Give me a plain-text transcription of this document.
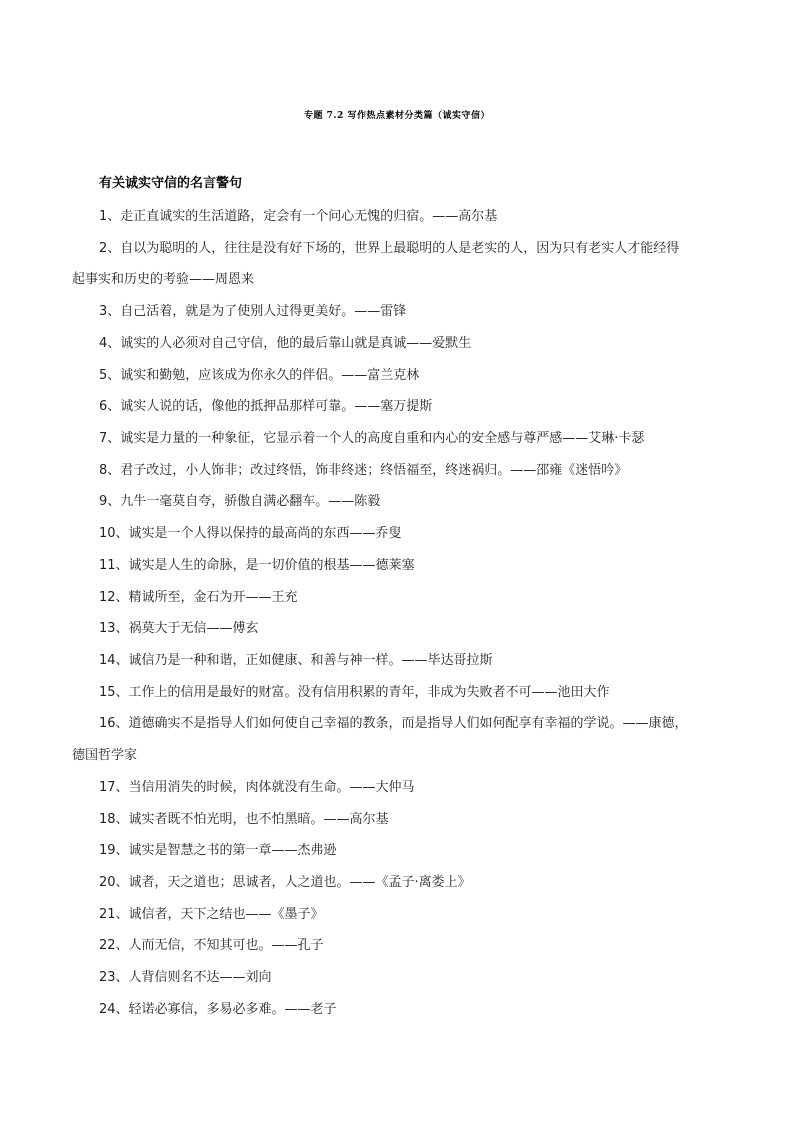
专题 7.2 写作热点素材分类篇（诚实守信）
有关诚实守信的名言警句
1、走正直诚实的生活道路，定会有一个问心无愧的归宿。——高尔基
2、自以为聪明的人，往往是没有好下场的，世界上最聪明的人是老实的人，因为只有老实人才能经得
起事实和历史的考验——周恩来
3、自己活着，就是为了使别人过得更美好。——雷锋
4、诚实的人必须对自己守信，他的最后靠山就是真诚——爱默生
5、诚实和勤勉，应该成为你永久的伴侣。——富兰克林
6、诚实人说的话，像他的抵押品那样可靠。——塞万提斯
7、诚实是力量的一种象征，它显示着一个人的高度自重和内心的安全感与尊严感——艾琳·卡瑟
8、君子改过，小人饰非；改过终悟，饰非终迷；终悟福至，终迷祸归。——邵雍《迷悟吟》
9、九牛一毫莫自夸，骄傲自满必翻车。——陈毅
10、诚实是一个人得以保持的最高尚的东西——乔叟
11、诚实是人生的命脉，是一切价值的根基——德莱塞
12、精诚所至，金石为开——王充
13、祸莫大于无信——傅玄
14、诚信乃是一种和谐，正如健康、和善与神一样。——毕达哥拉斯
15、工作上的信用是最好的财富。没有信用积累的青年，非成为失败者不可——池田大作
16、道德确实不是指导人们如何使自己幸福的教条，而是指导人们如何配享有幸福的学说。——康德，
德国哲学家
17、当信用消失的时候，肉体就没有生命。——大仲马
18、诚实者既不怕光明，也不怕黑暗。——高尔基
19、诚实是智慧之书的第一章——杰弗逊
20、诚者，天之道也；思诚者，人之道也。——《孟子·离娄上》
21、诚信者，天下之结也——《墨子》
22、人而无信，不知其可也。——孔子
23、人背信则名不达——刘向
24、轻诺必寡信，多易必多难。——老子
